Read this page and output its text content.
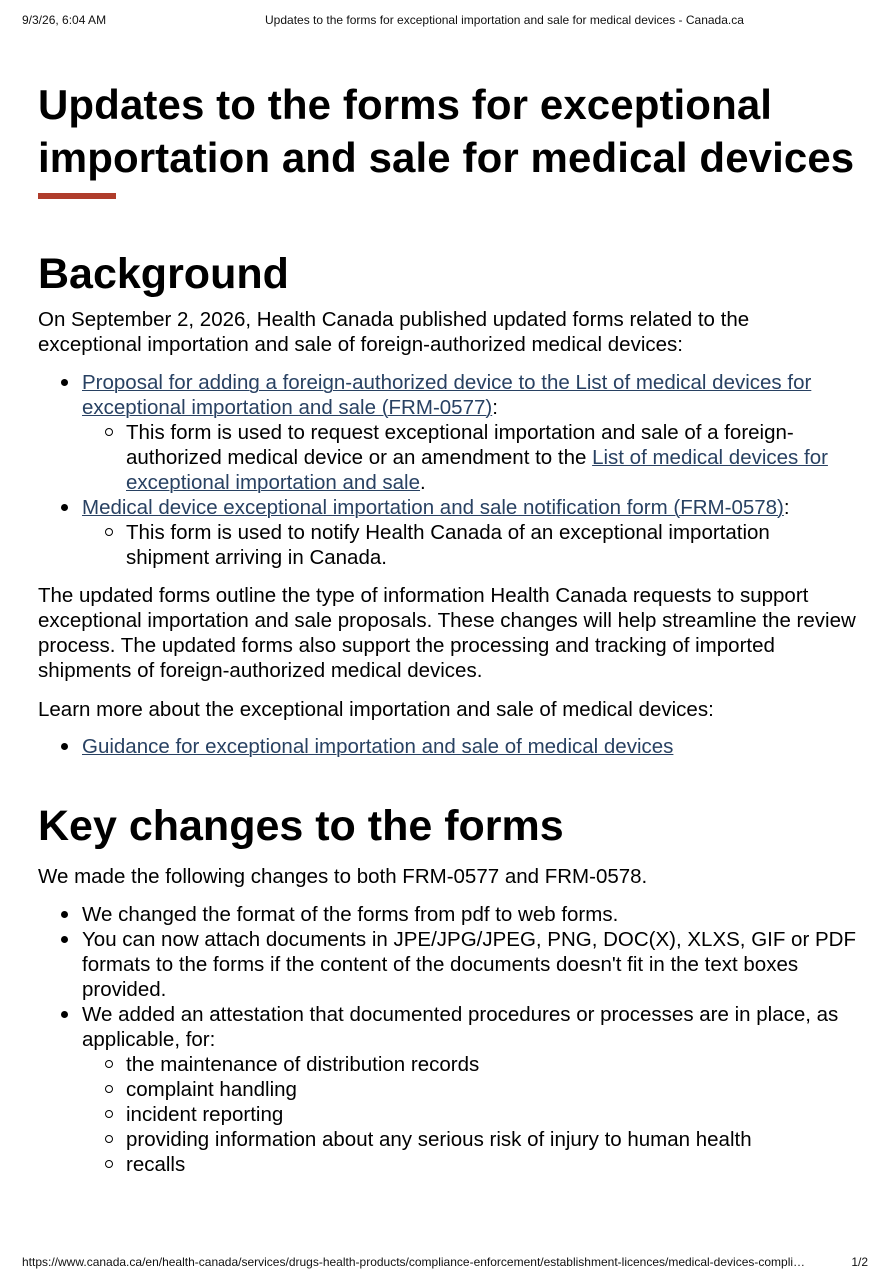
9/3/26, 6:04 AM	Updates to the forms for exceptional importation and sale for medical devices - Canada.ca
Updates to the forms for exceptional importation and sale for medical devices
Background

On September 2, 2026, Health Canada published updated forms related to the exceptional importation and sale of foreign-authorized medical devices:

Proposal for adding a foreign-authorized device to the List of medical devices for exceptional importation and sale (FRM-0577):
This form is used to request exceptional importation and sale of a foreign-authorized medical device or an amendment to the List of medical devices for exceptional importation and sale.
Medical device exceptional importation and sale notification form (FRM-0578):
This form is used to notify Health Canada of an exceptional importation shipment arriving in Canada.

The updated forms outline the type of information Health Canada requests to support exceptional importation and sale proposals. These changes will help streamline the review process. The updated forms also support the processing and tracking of imported shipments of foreign-authorized medical devices.

Learn more about the exceptional importation and sale of medical devices:

Guidance for exceptional importation and sale of medical devices
Key changes to the forms

We made the following changes to both FRM-0577 and FRM-0578.

We changed the format of the forms from pdf to web forms.
You can now attach documents in JPE/JPG/JPEG, PNG, DOC(X), XLXS, GIF or PDF formats to the forms if the content of the documents doesn't fit in the text boxes provided.
We added an attestation that documented procedures or processes are in place, as applicable, for:
the maintenance of distribution records
complaint handling
incident reporting
providing information about any serious risk of injury to human health
recalls
https://www.canada.ca/en/health-canada/services/drugs-health-products/compliance-enforcement/establishment-licences/medical-devices-compli…	1/2
